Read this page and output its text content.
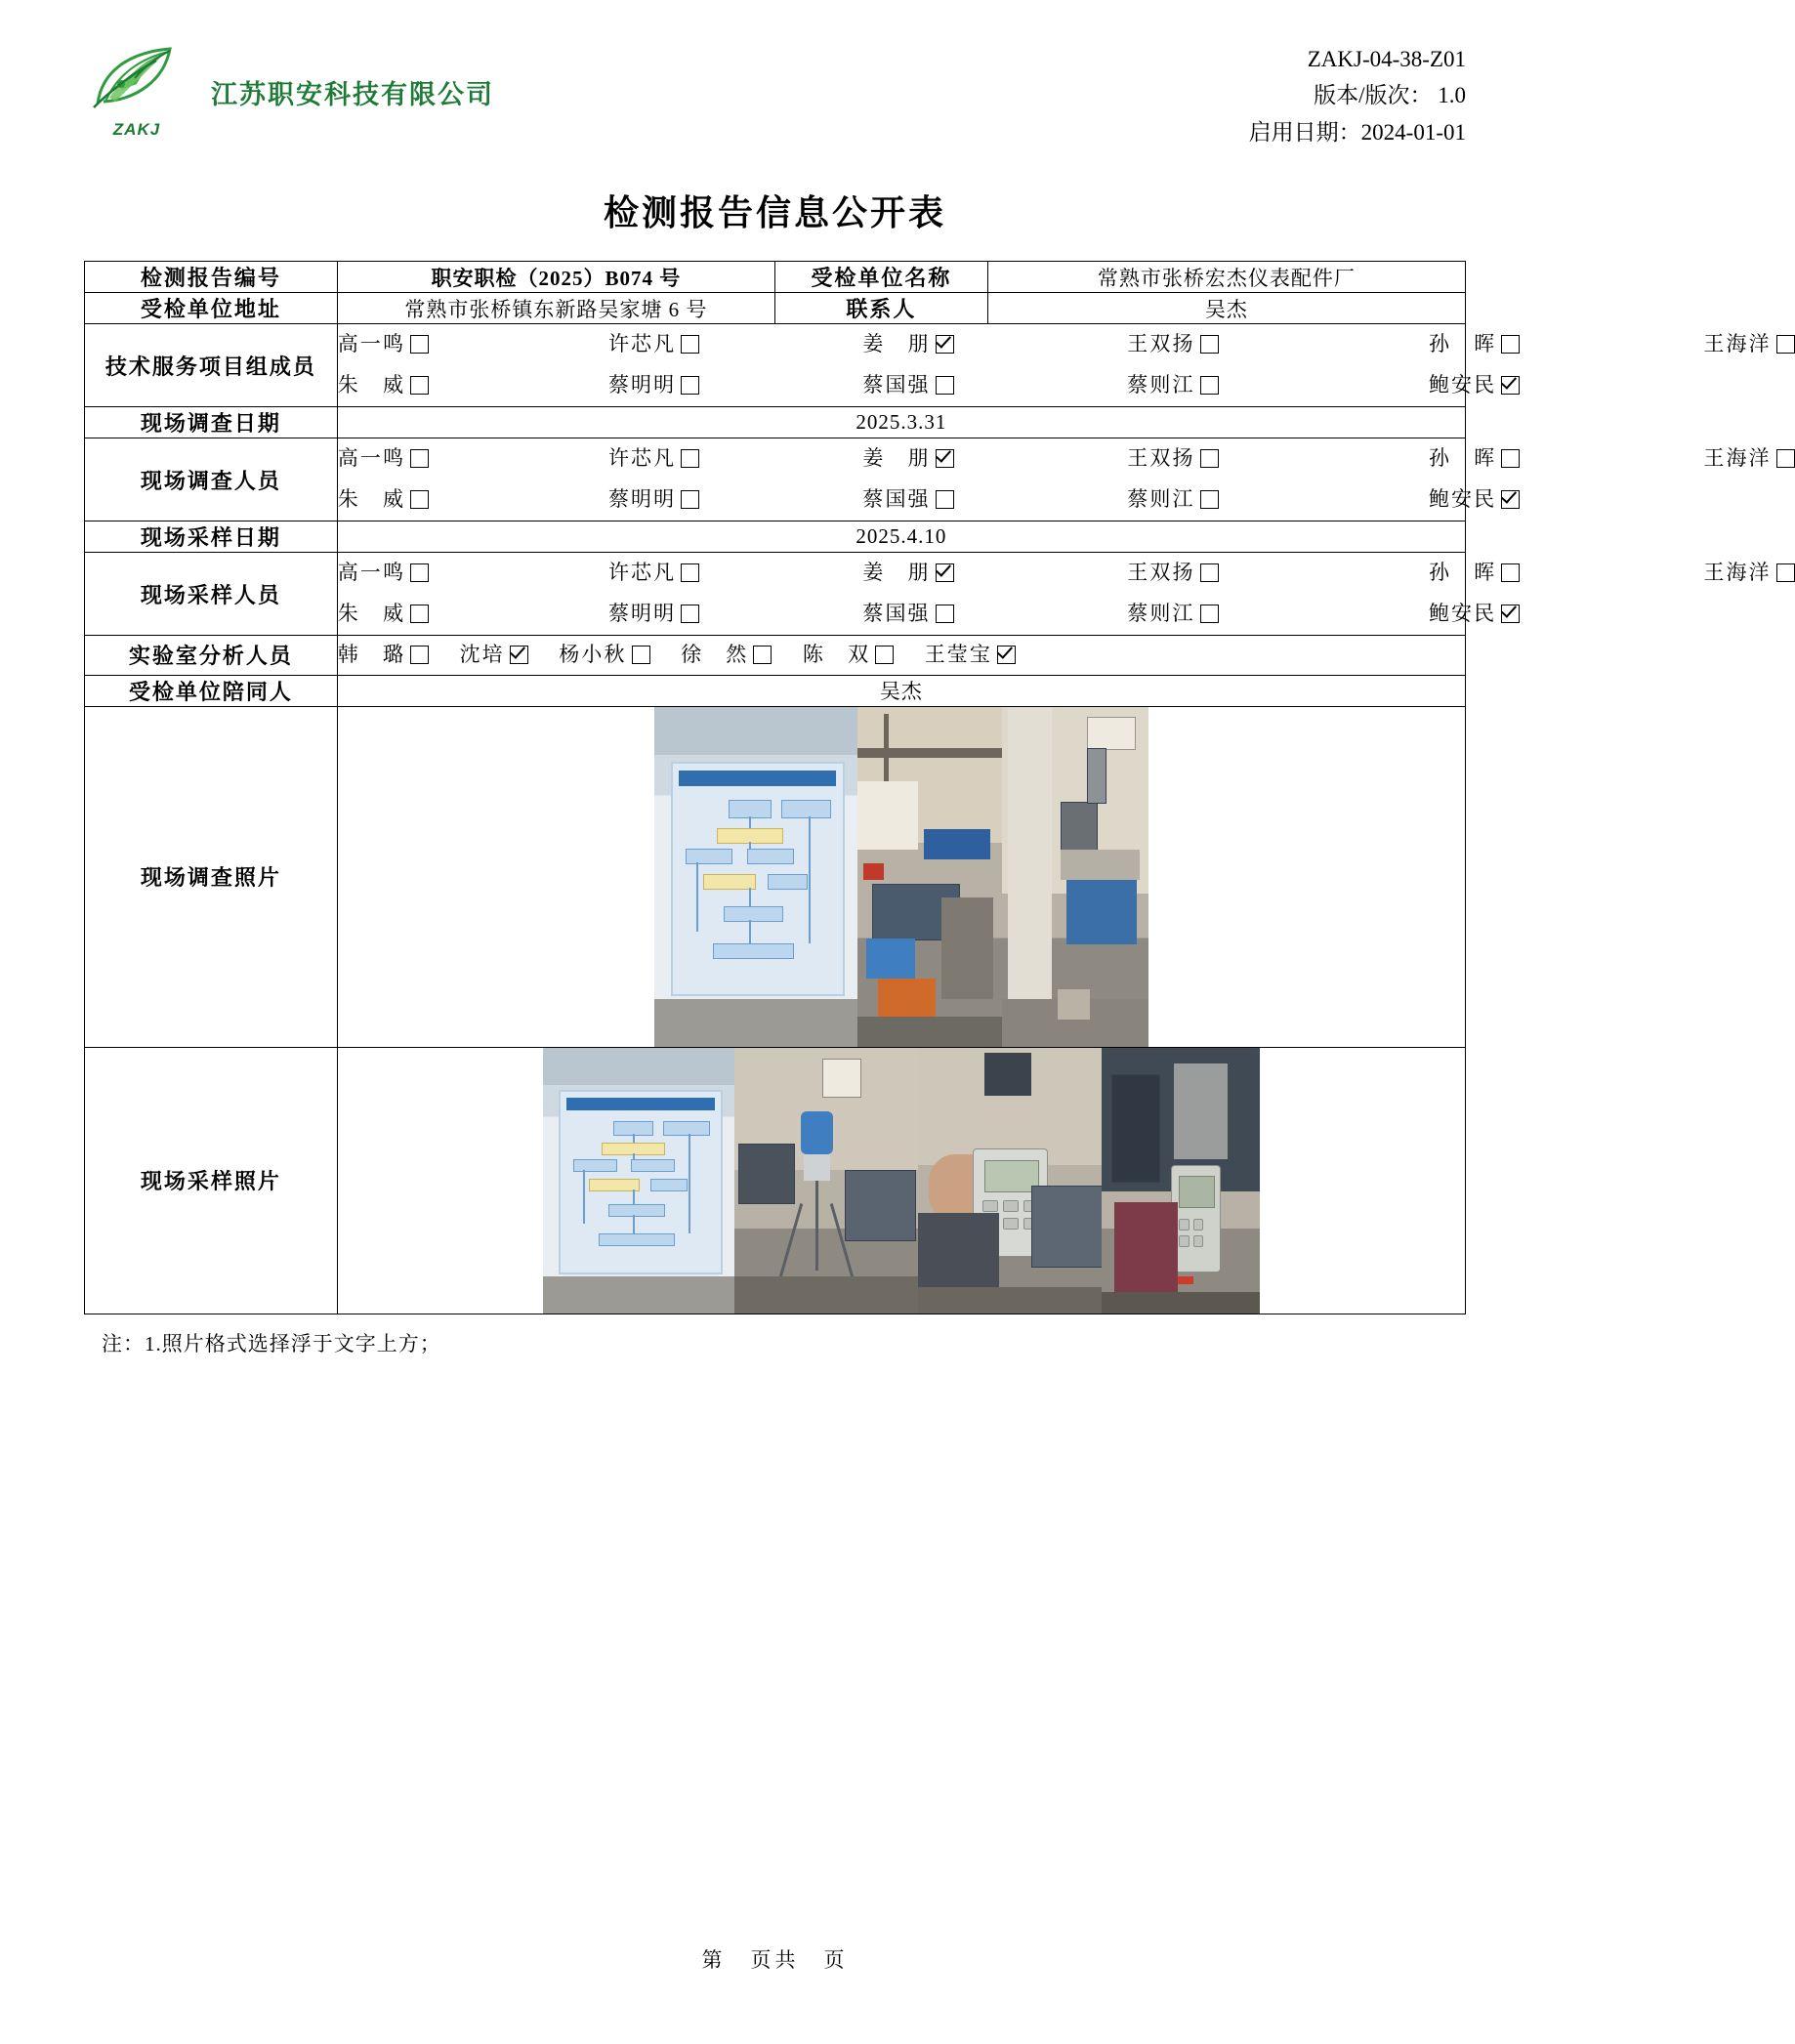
ZAKJ
江苏职安科技有限公司
ZAKJ-04-38-Z01
版本/版次： 1.0
启用日期：2024-01-01
检测报告信息公开表
检测报告编号	职安职检（2025）B074 号	受检单位名称	常熟市张桥宏杰仪表配件厂
受检单位地址	常熟市张桥镇东新路吴家塘 6 号	联系人	吴杰
技术服务项目组成员	
高一鸣	许芯凡	姜　朋	王双扬	孙　晖	王海洋
朱　威	蔡明明	蔡国强	蔡则江	鲍安民

现场调查日期	2025.3.31		
现场调查人员	
高一鸣	许芯凡	姜　朋	王双扬	孙　晖	王海洋
朱　威	蔡明明	蔡国强	蔡则江	鲍安民

现场采样日期	2025.4.10		
现场采样人员	
高一鸣	许芯凡	姜　朋	王双扬	孙　晖	王海洋
朱　威	蔡明明	蔡国强	蔡则江	鲍安民

实验室分析人员	韩　璐	沈培	杨小秋	徐　然	陈　双	王莹宝

受检单位陪同人	吴杰		
现场调查照片			

现场采样照片			
注：1.照片格式选择浮于文字上方；
第　页共　页
